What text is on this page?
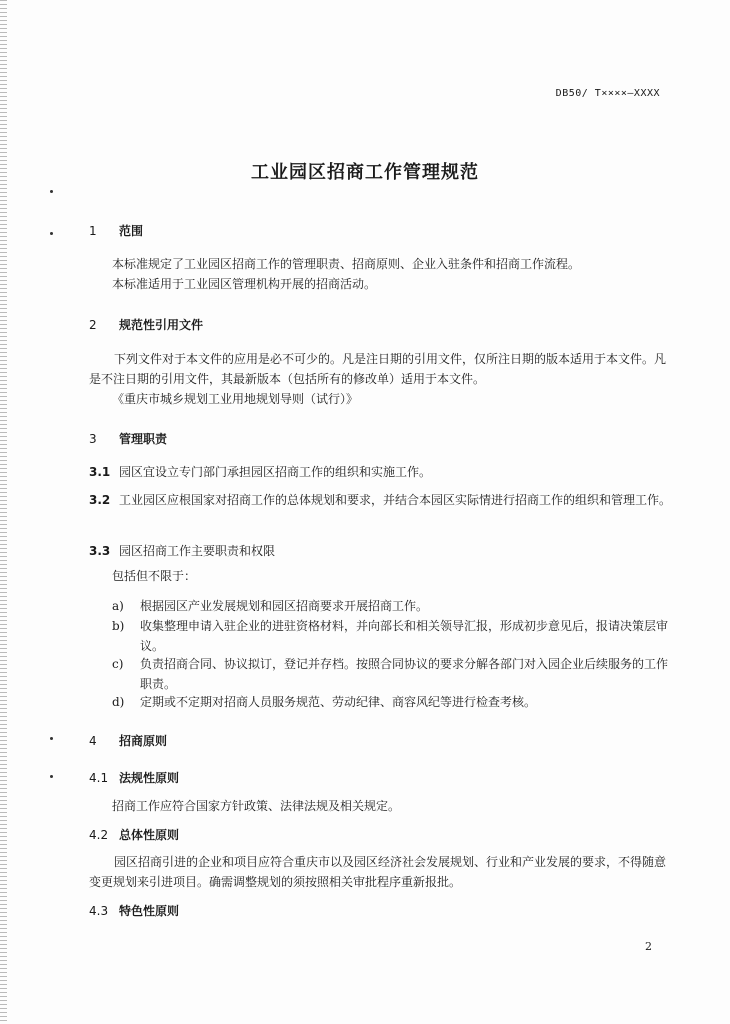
DB50/ T××××—XXXX
工业园区招商工作管理规范
1 范围
本标准规定了工业园区招商工作的管理职责、招商原则、企业入驻条件和招商工作流程。
本标准适用于工业园区管理机构开展的招商活动。
2 规范性引用文件
下列文件对于本文件的应用是必不可少的。凡是注日期的引用文件，仅所注日期的版本适用于本文件。凡是不注日期的引用文件，其最新版本（包括所有的修改单）适用于本文件。
《重庆市城乡规划工业用地规划导则（试行）》
3 管理职责
3.1 园区宜设立专门部门承担园区招商工作的组织和实施工作。
3.2 工业园区应根国家对招商工作的总体规划和要求，并结合本园区实际情进行招商工作的组织和管理工作。
3.3 园区招商工作主要职责和权限
包括但不限于：
a) 根据园区产业发展规划和园区招商要求开展招商工作。
b) 收集整理申请入驻企业的进驻资格材料，并向部长和相关领导汇报，形成初步意见后，报请决策层审议。
c) 负责招商合同、协议拟订，登记并存档。按照合同协议的要求分解各部门对入园企业后续服务的工作职责。
d) 定期或不定期对招商人员服务规范、劳动纪律、商容风纪等进行检查考核。
4 招商原则
4.1 法规性原则
招商工作应符合国家方针政策、法律法规及相关规定。
4.2 总体性原则
园区招商引进的企业和项目应符合重庆市以及园区经济社会发展规划、行业和产业发展的要求，不得随意变更规划来引进项目。确需调整规划的须按照相关审批程序重新报批。
4.3 特色性原则
2
